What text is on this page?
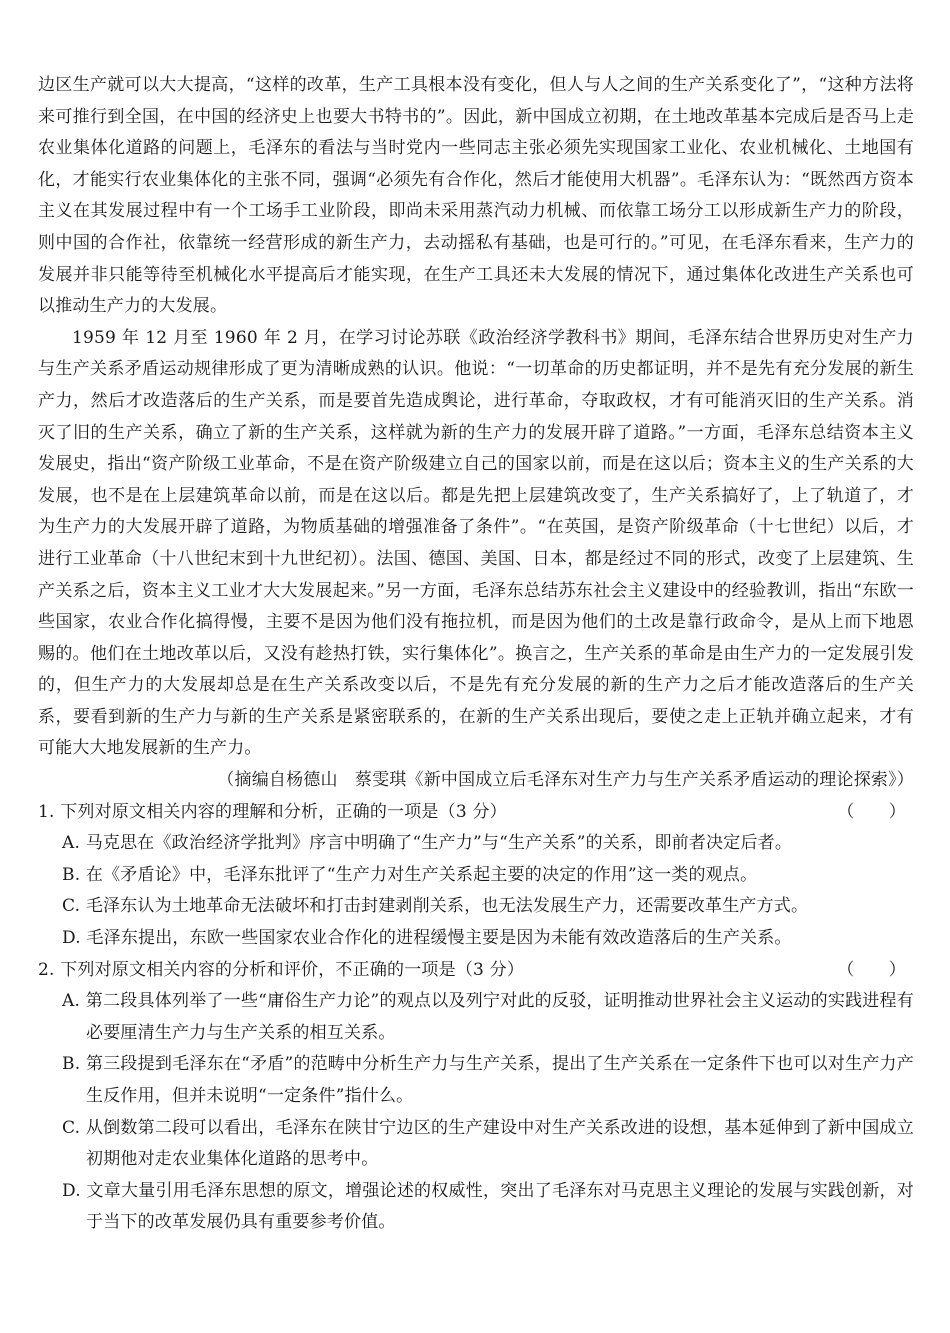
边区生产就可以大大提高，“这样的改革，生产工具根本没有变化，但人与人之间的生产关系变化了”，“这种方法将来可推行到全国，在中国的经济史上也要大书特书的”。因此，新中国成立初期，在土地改革基本完成后是否马上走农业集体化道路的问题上，毛泽东的看法与当时党内一些同志主张必须先实现国家工业化、农业机械化、土地国有化，才能实行农业集体化的主张不同，强调“必须先有合作化，然后才能使用大机器”。毛泽东认为：“既然西方资本主义在其发展过程中有一个工场手工业阶段，即尚未采用蒸汽动力机械、而依靠工场分工以形成新生产力的阶段，则中国的合作社，依靠统一经营形成的新生产力，去动摇私有基础，也是可行的。”可见，在毛泽东看来，生产力的发展并非只能等待至机械化水平提高后才能实现，在生产工具还未大发展的情况下，通过集体化改进生产关系也可以推动生产力的大发展。

1959 年 12 月至 1960 年 2 月，在学习讨论苏联《政治经济学教科书》期间，毛泽东结合世界历史对生产力与生产关系矛盾运动规律形成了更为清晰成熟的认识。他说：“一切革命的历史都证明，并不是先有充分发展的新生产力，然后才改造落后的生产关系，而是要首先造成舆论，进行革命，夺取政权，才有可能消灭旧的生产关系。消灭了旧的生产关系，确立了新的生产关系，这样就为新的生产力的发展开辟了道路。”一方面，毛泽东总结资本主义发展史，指出“资产阶级工业革命，不是在资产阶级建立自己的国家以前，而是在这以后；资本主义的生产关系的大发展，也不是在上层建筑革命以前，而是在这以后。都是先把上层建筑改变了，生产关系搞好了，上了轨道了，才为生产力的大发展开辟了道路，为物质基础的增强准备了条件”。“在英国，是资产阶级革命（十七世纪）以后，才进行工业革命（十八世纪末到十九世纪初）。法国、德国、美国、日本，都是经过不同的形式，改变了上层建筑、生产关系之后，资本主义工业才大大发展起来。”另一方面，毛泽东总结苏东社会主义建设中的经验教训，指出“东欧一些国家，农业合作化搞得慢，主要不是因为他们没有拖拉机，而是因为他们的土改是靠行政命令，是从上而下地恩赐的。他们在土地改革以后，又没有趁热打铁，实行集体化”。换言之，生产关系的革命是由生产力的一定发展引发的，但生产力的大发展却总是在生产关系改变以后，不是先有充分发展的新的生产力之后才能改造落后的生产关系，要看到新的生产力与新的生产关系是紧密联系的，在新的生产关系出现后，要使之走上正轨并确立起来，才有可能大大地发展新的生产力。

（摘编自杨德山　蔡雯琪《新中国成立后毛泽东对生产力与生产关系矛盾运动的理论探索》）

1. 下列对原文相关内容的理解和分析，正确的一项是（3 分）	（　　）

A. 马克思在《政治经济学批判》序言中明确了“生产力”与“生产关系”的关系，即前者决定后者。

B. 在《矛盾论》中，毛泽东批评了“生产力对生产关系起主要的决定的作用”这一类的观点。

C. 毛泽东认为土地革命无法破坏和打击封建剥削关系，也无法发展生产力，还需要改革生产方式。

D. 毛泽东提出，东欧一些国家农业合作化的进程缓慢主要是因为未能有效改造落后的生产关系。

2. 下列对原文相关内容的分析和评价，不正确的一项是（3 分）	（　　）

A. 第二段具体列举了一些“庸俗生产力论”的观点以及列宁对此的反驳，证明推动世界社会主义运动的实践进程有必要厘清生产力与生产关系的相互关系。

B. 第三段提到毛泽东在“矛盾”的范畴中分析生产力与生产关系，提出了生产关系在一定条件下也可以对生产力产生反作用，但并未说明“一定条件”指什么。

C. 从倒数第二段可以看出，毛泽东在陕甘宁边区的生产建设中对生产关系改进的设想，基本延伸到了新中国成立初期他对走农业集体化道路的思考中。

D. 文章大量引用毛泽东思想的原文，增强论述的权威性，突出了毛泽东对马克思主义理论的发展与实践创新，对于当下的改革发展仍具有重要参考价值。
